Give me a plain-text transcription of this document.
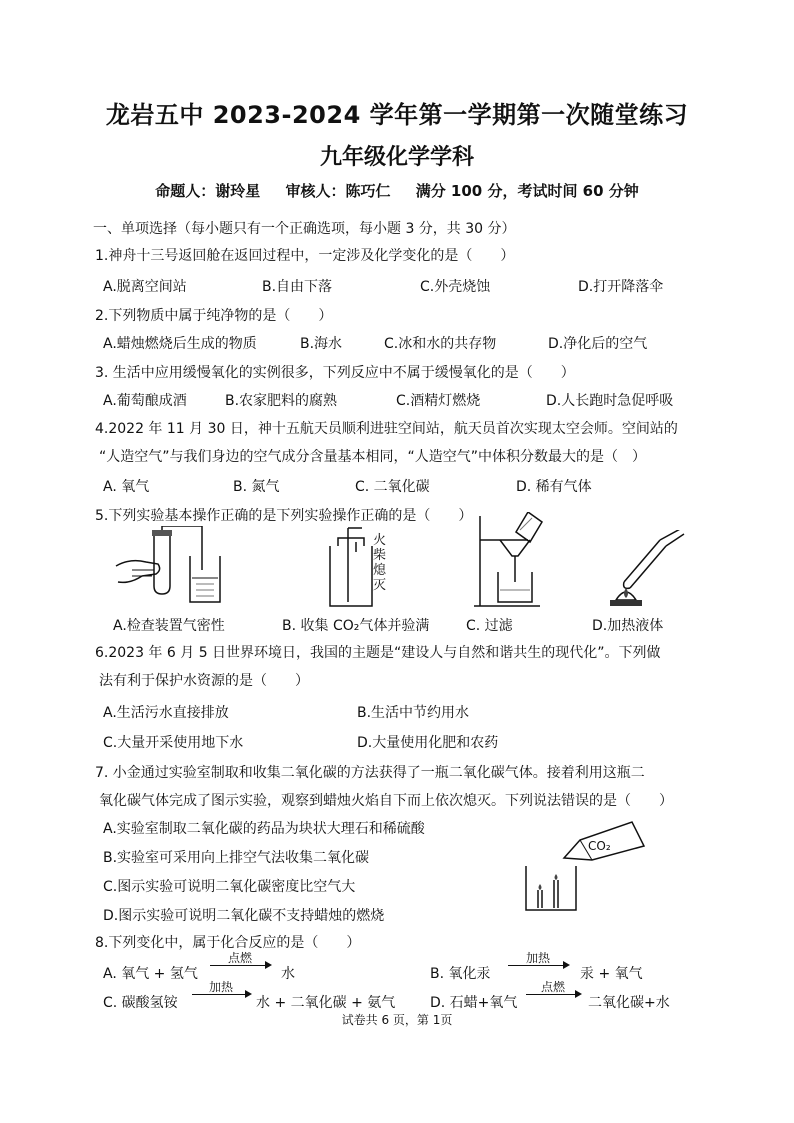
龙岩五中 2023-2024 学年第一学期第一次随堂练习
九年级化学学科
命题人：谢玲星 审核人：陈巧仁 满分 100 分，考试时间 60 分钟
一、单项选择（每小题只有一个正确选项，每小题 3 分，共 30 分）
1.神舟十三号返回舱在返回过程中，一定涉及化学变化的是（　　）
A.脱离空间站	B.自由下落	C.外壳烧蚀	D.打开降落伞
2.下列物质中属于纯净物的是（　　）
A.蜡烛燃烧后生成的物质	B.海水	C.冰和水的共存物	D.净化后的空气
3. 生活中应用缓慢氧化的实例很多，下列反应中不属于缓慢氧化的是（　　）
A.葡萄酿成酒	B.农家肥料的腐熟	C.酒精灯燃烧	D.人长跑时急促呼吸
4.2022 年 11 月 30 日，神十五航天员顺利进驻空间站，航天员首次实现太空会师。空间站的
“人造空气”与我们身边的空气成分含量基本相同，“人造空气”中体积分数最大的是（　）
A. 氧气	B. 氮气	C. 二氧化碳	D. 稀有气体
5.下列实验基本操作正确的是下列实验操作正确的是（　　）
火柴熄灭
A.检查装置气密性	B. 收集 CO₂气体并验满	C. 过滤	D.加热液体
6.2023 年 6 月 5 日世界环境日，我国的主题是“建设人与自然和谐共生的现代化”。下列做
法有利于保护水资源的是（　　）
A.生活污水直接排放	B.生活中节约用水
C.大量开采使用地下水	D.大量使用化肥和农药
7. 小金通过实验室制取和收集二氧化碳的方法获得了一瓶二氧化碳气体。接着利用这瓶二
氧化碳气体完成了图示实验，观察到蜡烛火焰自下而上依次熄灭。下列说法错误的是（　　）
A.实验室制取二氧化碳的药品为块状大理石和稀硫酸
B.实验室可采用向上排空气法收集二氧化碳
C.图示实验可说明二氧化碳密度比空气大
D.图示实验可说明二氧化碳不支持蜡烛的燃烧
CO₂
8.下列变化中，属于化合反应的是（　　）
A. 氧气 + 氢气
点燃
水	B. 氧化汞
加热
汞 + 氧气
C. 碳酸氢铵
加热
水 + 二氧化碳 + 氨气 D. 石蜡+氧气
点燃
二氧化碳+水
试卷共 6 页，第 1页
